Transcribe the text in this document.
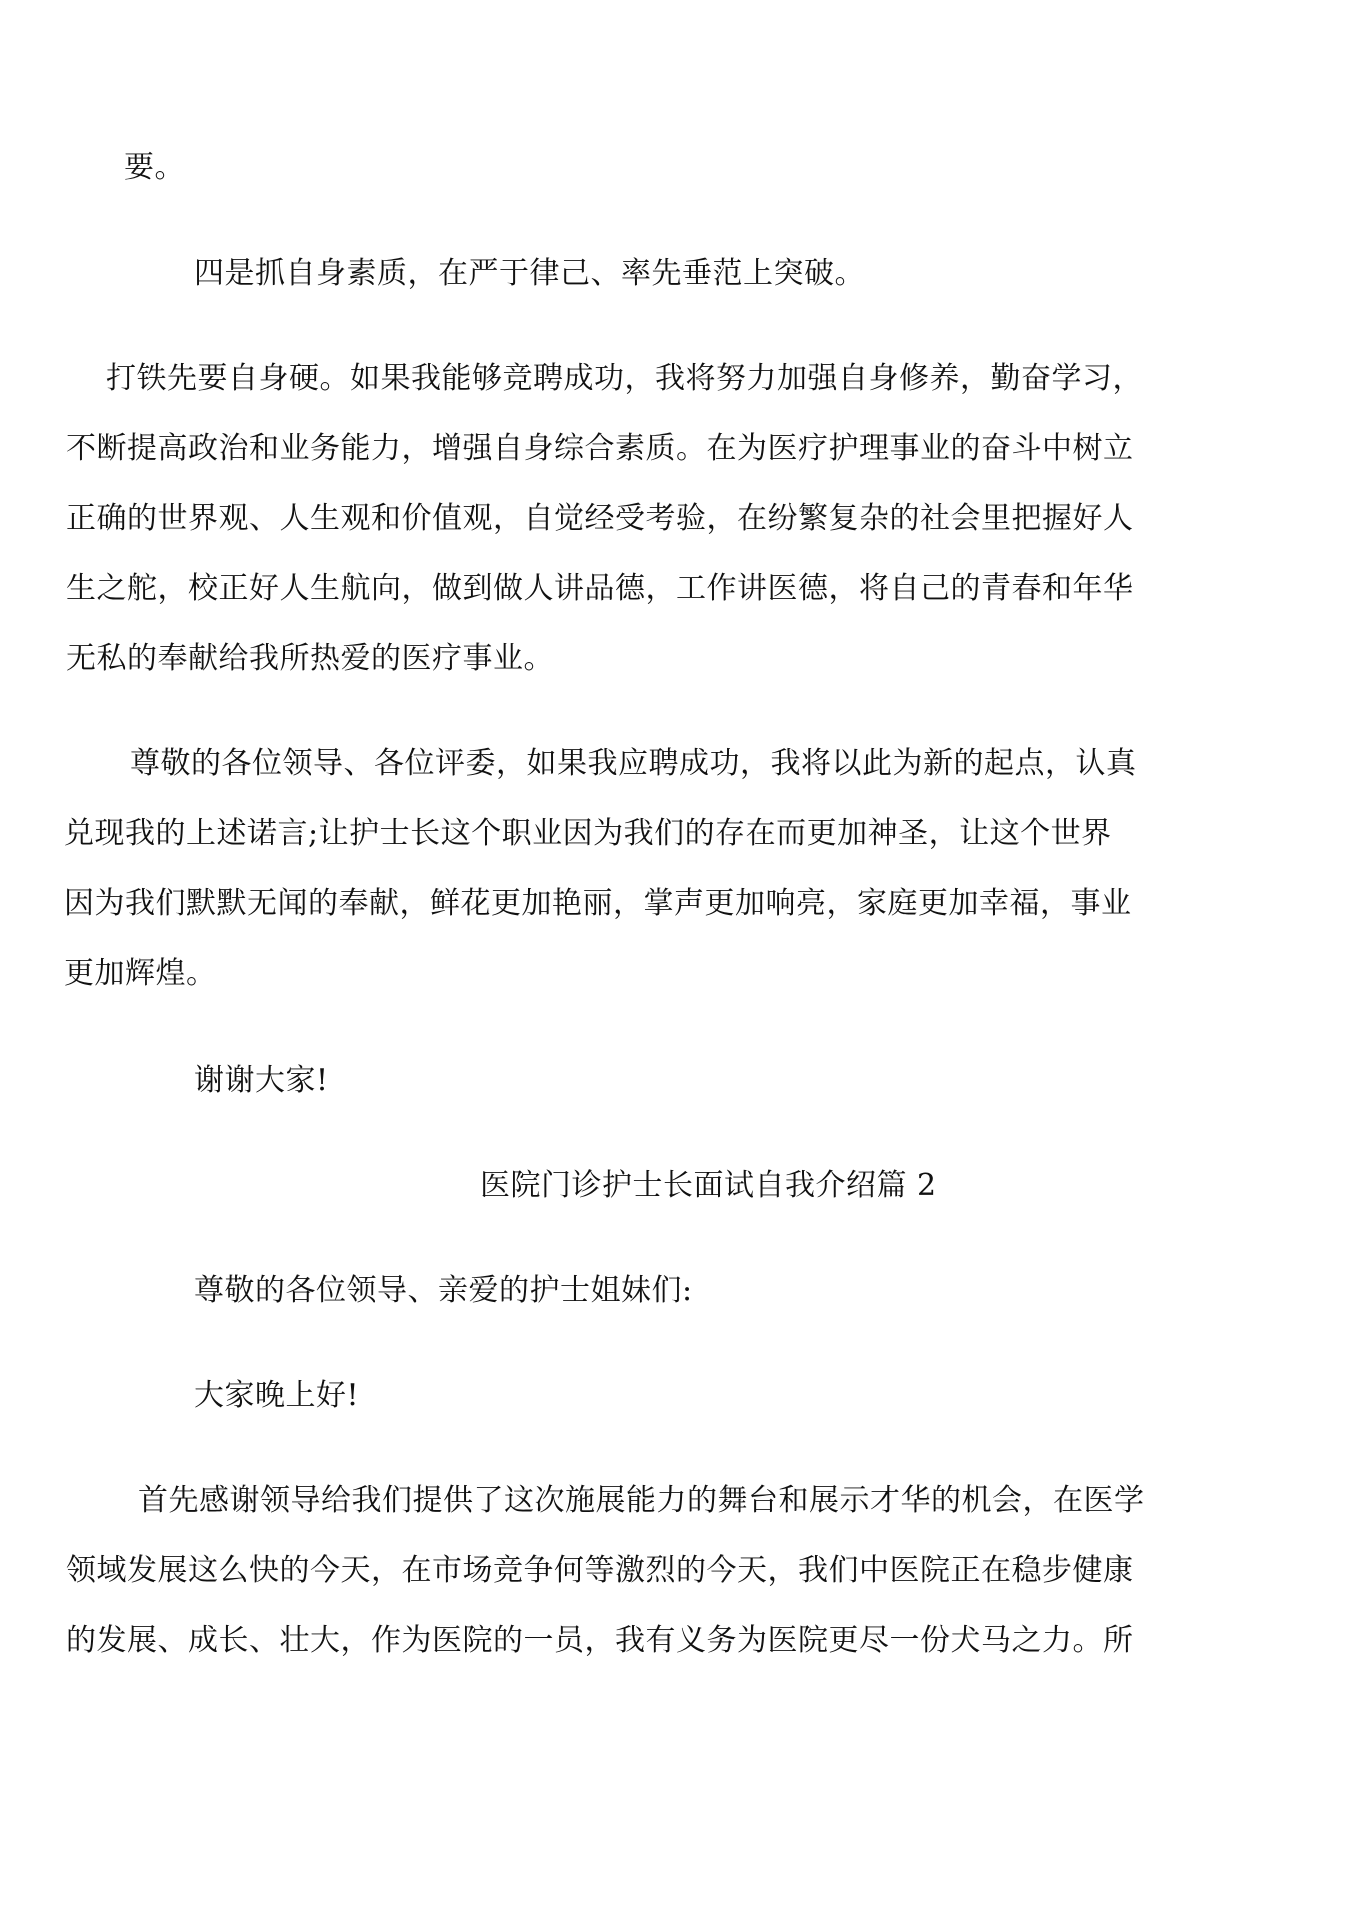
要。
四是抓自身素质，在严于律己、率先垂范上突破。
打铁先要自身硬。如果我能够竞聘成功，我将努力加强自身修养，勤奋学习，
不断提高政治和业务能力，增强自身综合素质。在为医疗护理事业的奋斗中树立
正确的世界观、人生观和价值观，自觉经受考验，在纷繁复杂的社会里把握好人
生之舵，校正好人生航向，做到做人讲品德，工作讲医德，将自己的青春和年华
无私的奉献给我所热爱的医疗事业。
尊敬的各位领导、各位评委，如果我应聘成功，我将以此为新的起点，认真
兑现我的上述诺言;让护士长这个职业因为我们的存在而更加神圣，让这个世界
因为我们默默无闻的奉献，鲜花更加艳丽，掌声更加响亮，家庭更加幸福，事业
更加辉煌。
谢谢大家!
医院门诊护士长面试自我介绍篇 2
尊敬的各位领导、亲爱的护士姐妹们:
大家晚上好!
首先感谢领导给我们提供了这次施展能力的舞台和展示才华的机会，在医学
领域发展这么快的今天，在市场竞争何等激烈的今天，我们中医院正在稳步健康
的发展、成长、壮大，作为医院的一员，我有义务为医院更尽一份犬马之力。所
